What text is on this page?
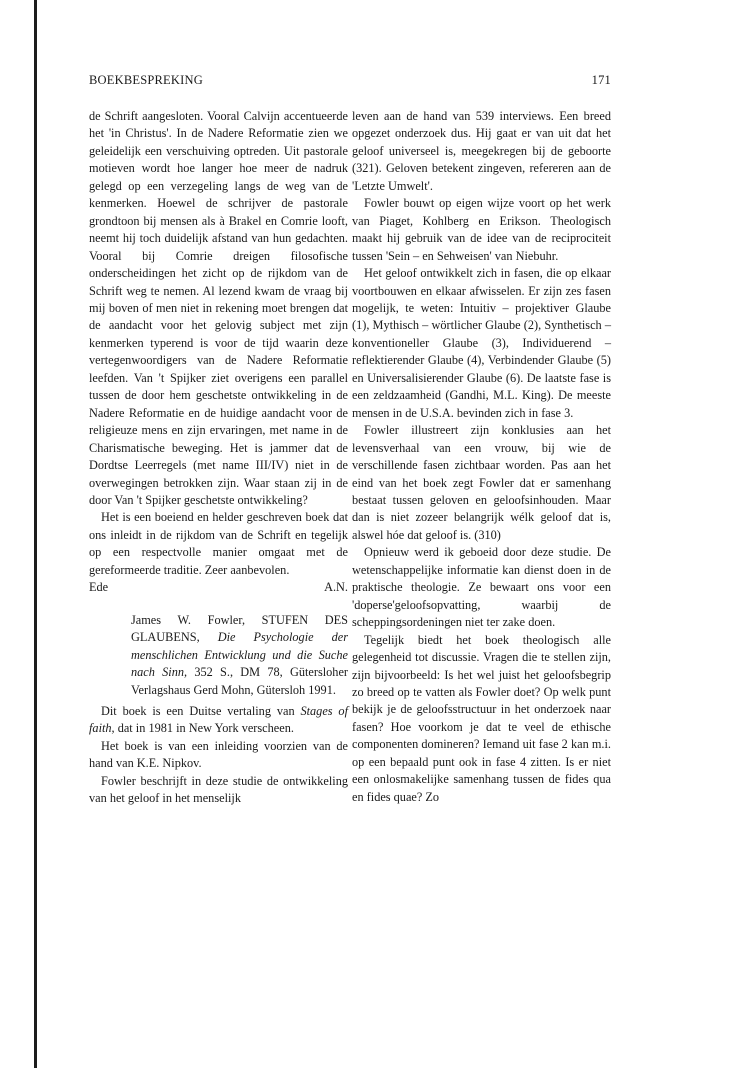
BOEKBESPREKING	171

de Schrift aangesloten. Vooral Calvijn accentueerde het 'in Christus'. In de Nadere Reformatie zien we geleidelijk een verschuiving optreden. Uit pastorale motieven wordt hoe langer hoe meer de nadruk gelegd op een verzegeling langs de weg van de kenmerken. Hoewel de schrijver de pastorale grondtoon bij mensen als à Brakel en Comrie looft, neemt hij toch duidelijk afstand van hun gedachten. Vooral bij Comrie dreigen filosofische onderscheidingen het zicht op de rijkdom van de Schrift weg te nemen. Al lezend kwam de vraag bij mij boven of men niet in rekening moet brengen dat de aandacht voor het gelovig subject met zijn kenmerken typerend is voor de tijd waarin deze vertegenwoordigers van de Nadere Reformatie leefden. Van 't Spijker ziet overigens een parallel tussen de door hem geschetste ontwikkeling in de Nadere Reformatie en de huidige aandacht voor de religieuze mens en zijn ervaringen, met name in de Charismatische beweging. Het is jammer dat de Dordtse Leerregels (met name III/IV) niet in de overwegingen betrokken zijn. Waar staan zij in de door Van 't Spijker geschetste ontwikkeling?

Het is een boeiend en helder geschreven boek dat ons inleidt in de rijkdom van de Schrift en tegelijk op een respectvolle manier omgaat met de gereformeerde traditie. Zeer aanbevolen.

Ede	A.N.
James W. Fowler, STUFEN DES GLAUBENS, Die Psychologie der menschlichen Entwicklung und die Suche nach Sinn, 352 S., DM 78, Gütersloher Verlagshaus Gerd Mohn, Gütersloh 1991.

Dit boek is een Duitse vertaling van Stages of faith, dat in 1981 in New York verscheen.

Het boek is van een inleiding voorzien van de hand van K.E. Nipkov.

Fowler beschrijft in deze studie de ontwikkeling van het geloof in het menselijk

leven aan de hand van 539 interviews. Een breed opgezet onderzoek dus. Hij gaat er van uit dat het geloof universeel is, meegekregen bij de geboorte (321). Geloven betekent zingeven, refereren aan de 'Letzte Umwelt'.

Fowler bouwt op eigen wijze voort op het werk van Piaget, Kohlberg en Erikson. Theologisch maakt hij gebruik van de idee van de reciprociteit tussen 'Sein – en Sehweisen' van Niebuhr.

Het geloof ontwikkelt zich in fasen, die op elkaar voortbouwen en elkaar afwisselen. Er zijn zes fasen mogelijk, te weten: Intuitiv – projektiver Glaube (1), Mythisch – wörtlicher Glaube (2), Synthetisch – konventioneller Glaube (3), Individuerend – reflektierender Glaube (4), Verbindender Glaube (5) en Universalisierender Glaube (6). De laatste fase is een zeldzaamheid (Gandhi, M.L. King). De meeste mensen in de U.S.A. bevinden zich in fase 3.

Fowler illustreert zijn konklusies aan het levensverhaal van een vrouw, bij wie de verschillende fasen zichtbaar worden. Pas aan het eind van het boek zegt Fowler dat er samenhang bestaat tussen geloven en geloofsinhouden. Maar dan is niet zozeer belangrijk wélk geloof dat is, alswel hóe dat geloof is. (310)

Opnieuw werd ik geboeid door deze studie. De wetenschappelijke informatie kan dienst doen in de praktische theologie. Ze bewaart ons voor een 'doperse'geloofsopvatting, waarbij de scheppingsordeningen niet ter zake doen.

Tegelijk biedt het boek theologisch alle gelegenheid tot discussie. Vragen die te stellen zijn, zijn bijvoorbeeld: Is het wel juist het geloofsbegrip zo breed op te vatten als Fowler doet? Op welk punt bekijk je de geloofsstructuur in het onderzoek naar fasen? Hoe voorkom je dat te veel de ethische componenten domineren? Iemand uit fase 2 kan m.i. op een bepaald punt ook in fase 4 zitten. Is er niet een onlosmakelijke samenhang tussen de fides qua en fides quae? Zo
